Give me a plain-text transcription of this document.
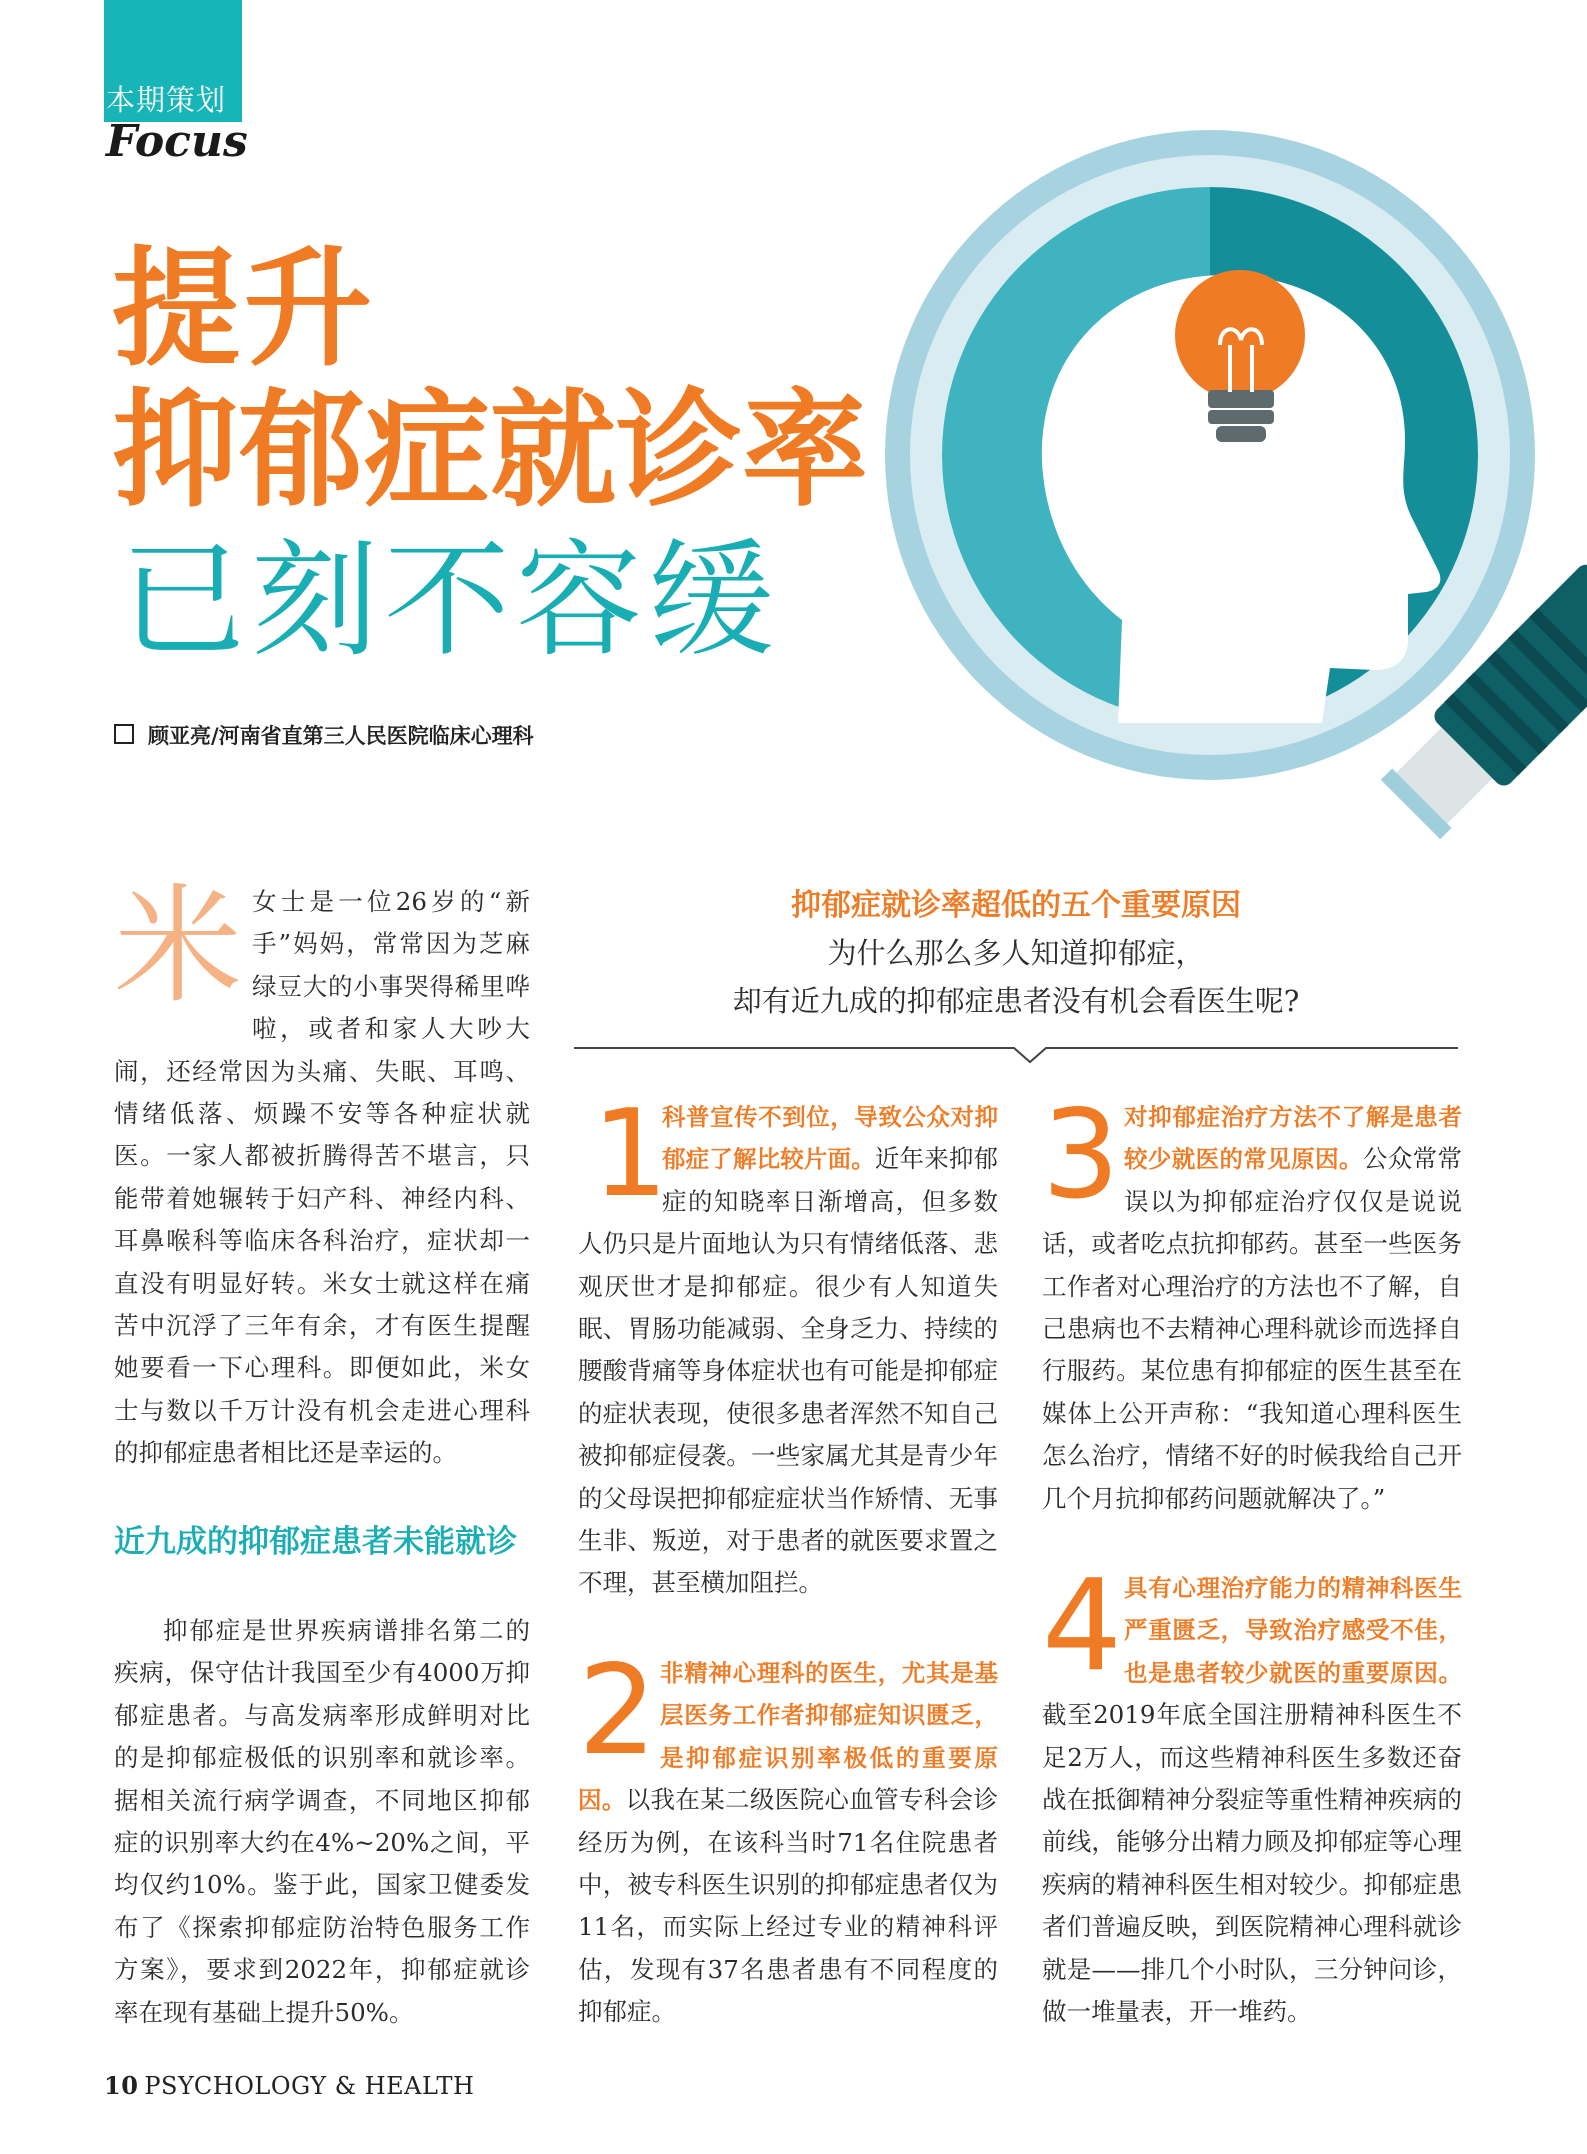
本期策划
Focus
提升
抑郁症就诊率
已刻不容缓
顾亚亮/河南省直第三人民医院临床心理科
米女士是一位26岁的“新手”妈妈，常常因为芝麻绿豆大的小事哭得稀里哗啦，或者和家人大吵大闹，还经常因为头痛、失眠、耳鸣、情绪低落、烦躁不安等各种症状就医。一家人都被折腾得苦不堪言，只能带着她辗转于妇产科、神经内科、耳鼻喉科等临床各科治疗，症状却一直没有明显好转。米女士就这样在痛苦中沉浮了三年有余，才有医生提醒她要看一下心理科。即便如此，米女士与数以千万计没有机会走进心理科的抑郁症患者相比还是幸运的。
近九成的抑郁症患者未能就诊
抑郁症是世界疾病谱排名第二的疾病，保守估计我国至少有4000万抑郁症患者。与高发病率形成鲜明对比的是抑郁症极低的识别率和就诊率。据相关流行病学调查，不同地区抑郁症的识别率大约在4%~20%之间，平均仅约10%。鉴于此，国家卫健委发布了《探索抑郁症防治特色服务工作方案》，要求到2022年，抑郁症就诊率在现有基础上提升50%。
抑郁症就诊率超低的五个重要原因
为什么那么多人知道抑郁症，
却有近九成的抑郁症患者没有机会看医生呢?
1
科普宣传不到位，导致公众对抑郁症了解比较片面。近年来抑郁症的知晓率日渐增高，但多数人仍只是片面地认为只有情绪低落、悲观厌世才是抑郁症。很少有人知道失眠、胃肠功能减弱、全身乏力、持续的腰酸背痛等身体症状也有可能是抑郁症的症状表现，使很多患者浑然不知自己被抑郁症侵袭。一些家属尤其是青少年的父母误把抑郁症症状当作矫情、无事生非、叛逆，对于患者的就医要求置之不理，甚至横加阻拦。
2 非精神心理科的医生，尤其是基层医务工作者抑郁症知识匮乏，是抑郁症识别率极低的重要原因。以我在某二级医院心血管专科会诊经历为例，在该科当时71名住院患者中，被专科医生识别的抑郁症患者仅为11名，而实际上经过专业的精神科评估，发现有37名患者患有不同程度的抑郁症。
3 对抑郁症治疗方法不了解是患者较少就医的常见原因。公众常常误以为抑郁症治疗仅仅是说说话，或者吃点抗抑郁药。甚至一些医务工作者对心理治疗的方法也不了解，自己患病也不去精神心理科就诊而选择自行服药。某位患有抑郁症的医生甚至在媒体上公开声称：“我知道心理科医生怎么治疗，情绪不好的时候我给自己开几个月抗抑郁药问题就解决了。”
4 具有心理治疗能力的精神科医生严重匮乏，导致治疗感受不佳，也是患者较少就医的重要原因。截至2019年底全国注册精神科医生不足2万人，而这些精神科医生多数还奋战在抵御精神分裂症等重性精神疾病的前线，能够分出精力顾及抑郁症等心理疾病的精神科医生相对较少。抑郁症患者们普遍反映，到医院精神心理科就诊就是——排几个小时队，三分钟问诊，做一堆量表，开一堆药。
10 PSYCHOLOGY & HEALTH
